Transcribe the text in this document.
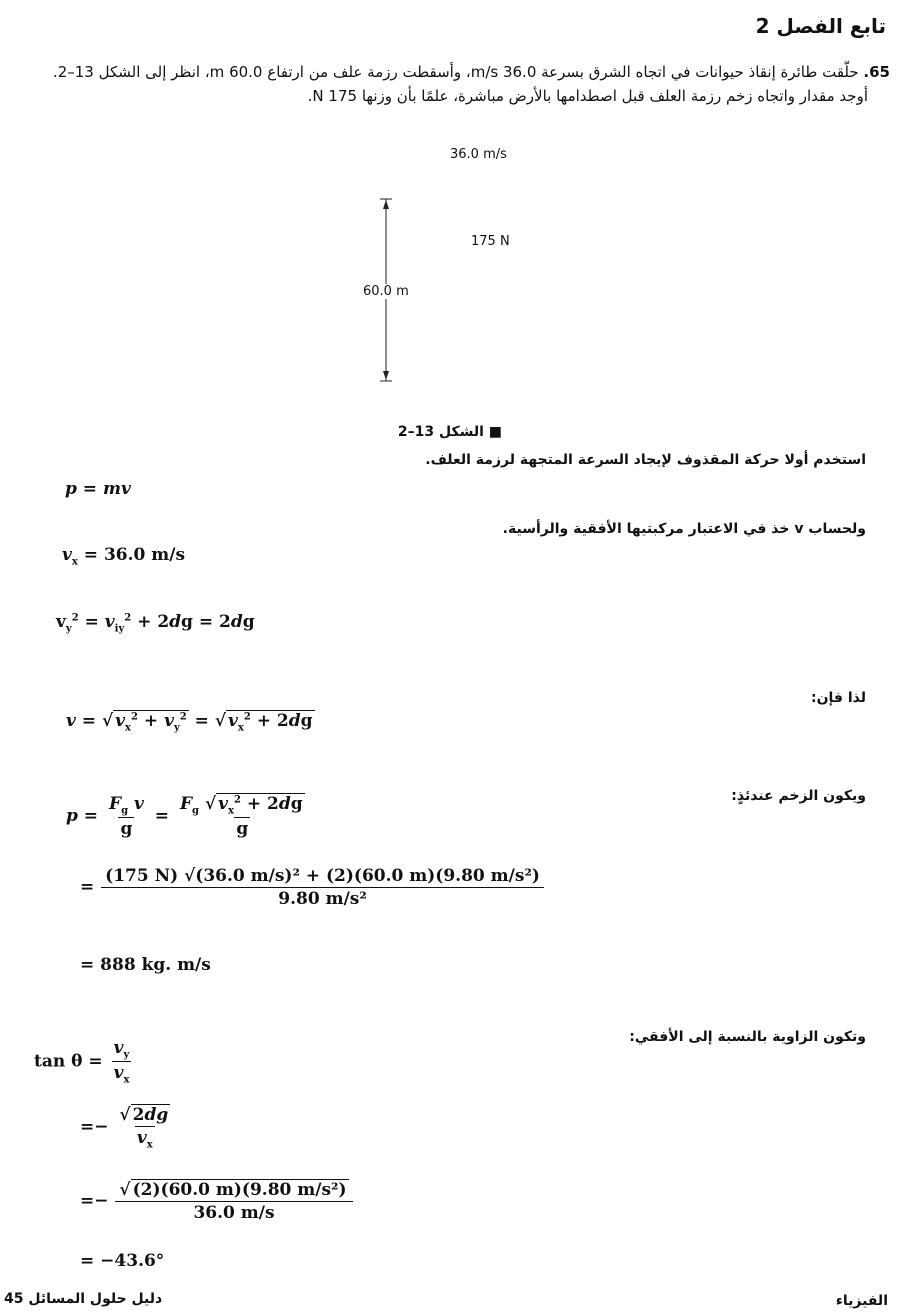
تابع الفصل 2
65. حلّقت طائرة إنقاذ حيوانات في اتجاه الشرق بسرعة 36.0 m/s، وأسقطت رزمة علف من ارتفاع 60.0 m، انظر إلى الشكل 13–2.
أوجد مقدار واتجاه زخم رزمة العلف قبل اصطدامها بالأرض مباشرة، علمًا بأن وزنها 175 N.
36.0 m/s
175 N
60.0 m
■ الشكل 13–2
استخدم أولا حركة المقذوف لإيجاد السرعة المتجهة لرزمة العلف.
p = mv
ولحساب v خذ في الاعتبار مركبتيها الأفقية والرأسية.
$v_x = 36.0$ m/s
$v_y^2 = v_{iy}^2 + 2dg = 2dg$
لذا فإن:
v = √ $v_x^2 + v_y^2$ = √ $v_x^2 + 2dg$
ويكون الزخم عندئذٍ:
$p = \frac{F_g v}{g} = \frac{F_g √ v_x^2 + 2dg}{g}$
= $\frac{\text{(175 N) √(36.0 m/s)² + (2)(60.0 m)(9.80 m/s²)}}{\text{9.80 m/s²}}$
= 888 kg. m/s
وتكون الزاوية بالنسبة إلى الأفقي:
$\tan \theta = \frac{v_y}{v_x}$
=− $\frac{√ 2dg}{v_x}$
=− $\frac{\text{√ (2)(60.0 m)(9.80 m/s²)}}{36.0 m/s}$
= −43.6°
دليل حلول المسائل 45	الفيزياء
